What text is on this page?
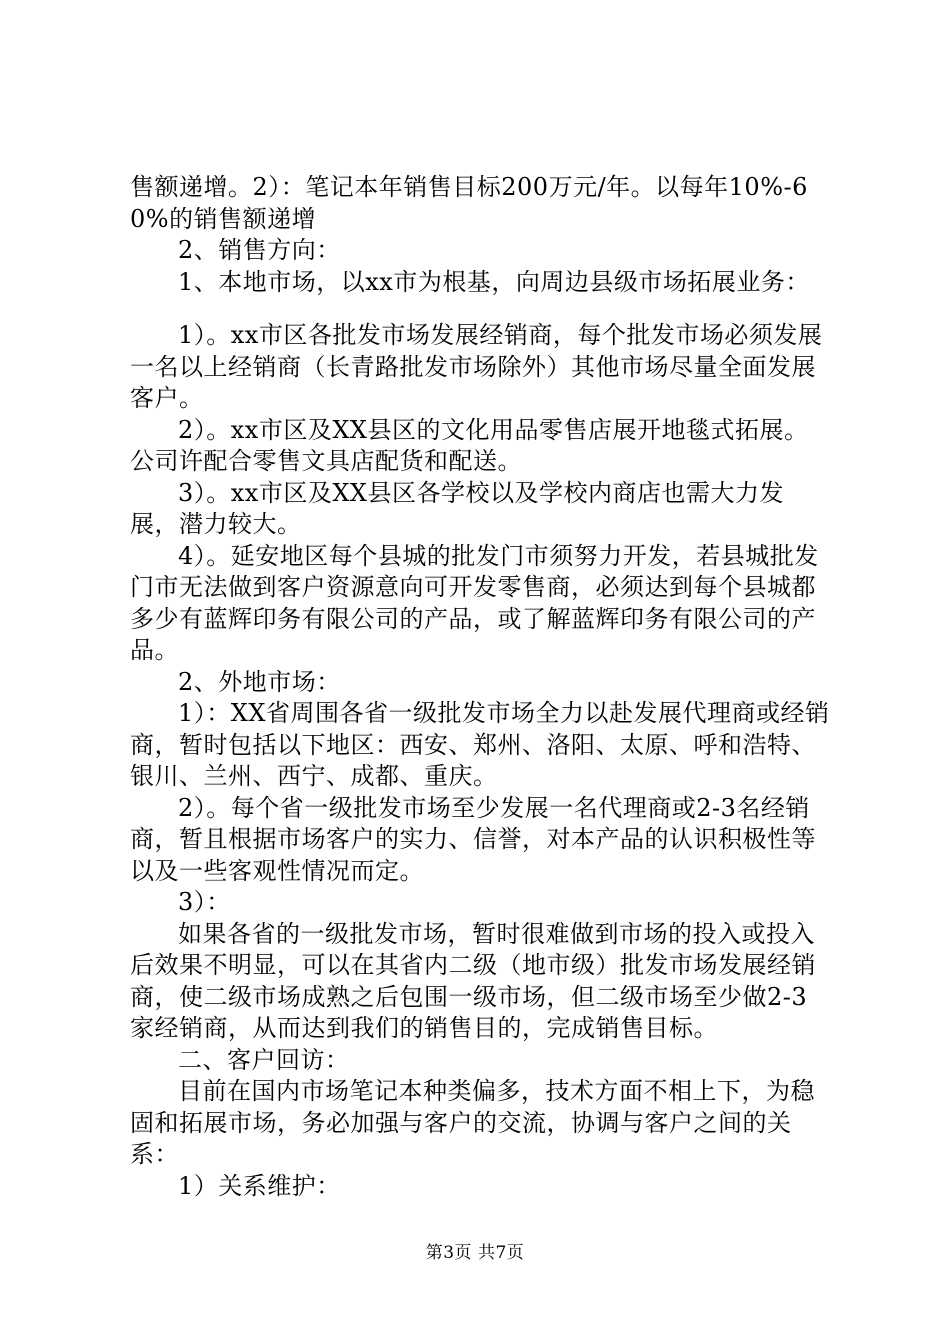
售额递增。2）：笔记本年销售目标200万元/年。以每年10%-60%的销售额递增

2、销售方向：

1、本地市场，以xx市为根基，向周边县级市场拓展业务：

1）。xx市区各批发市场发展经销商，每个批发市场必须发展一名以上经销商（长青路批发市场除外）其他市场尽量全面发展客户。

2）。xx市区及XX县区的文化用品零售店展开地毯式拓展。公司许配合零售文具店配货和配送。

3）。xx市区及XX县区各学校以及学校内商店也需大力发展，潜力较大。

4）。延安地区每个县城的批发门市须努力开发，若县城批发门市无法做到客户资源意向可开发零售商，必须达到每个县城都多少有蓝辉印务有限公司的产品，或了解蓝辉印务有限公司的产品。

2、外地市场：

1）：XX省周围各省一级批发市场全力以赴发展代理商或经销商，暂时包括以下地区：西安、郑州、洛阳、太原、呼和浩特、银川、兰州、西宁、成都、重庆。

2）。每个省一级批发市场至少发展一名代理商或2-3名经销商，暂且根据市场客户的实力、信誉，对本产品的认识积极性等以及一些客观性情况而定。

3）：

如果各省的一级批发市场，暂时很难做到市场的投入或投入后效果不明显，可以在其省内二级（地市级）批发市场发展经销商，使二级市场成熟之后包围一级市场，但二级市场至少做2-3家经销商，从而达到我们的销售目的，完成销售目标。

二、客户回访：

目前在国内市场笔记本种类偏多，技术方面不相上下，为稳固和拓展市场，务必加强与客户的交流，协调与客户之间的关系：

1）关系维护：

第3页 共7页
